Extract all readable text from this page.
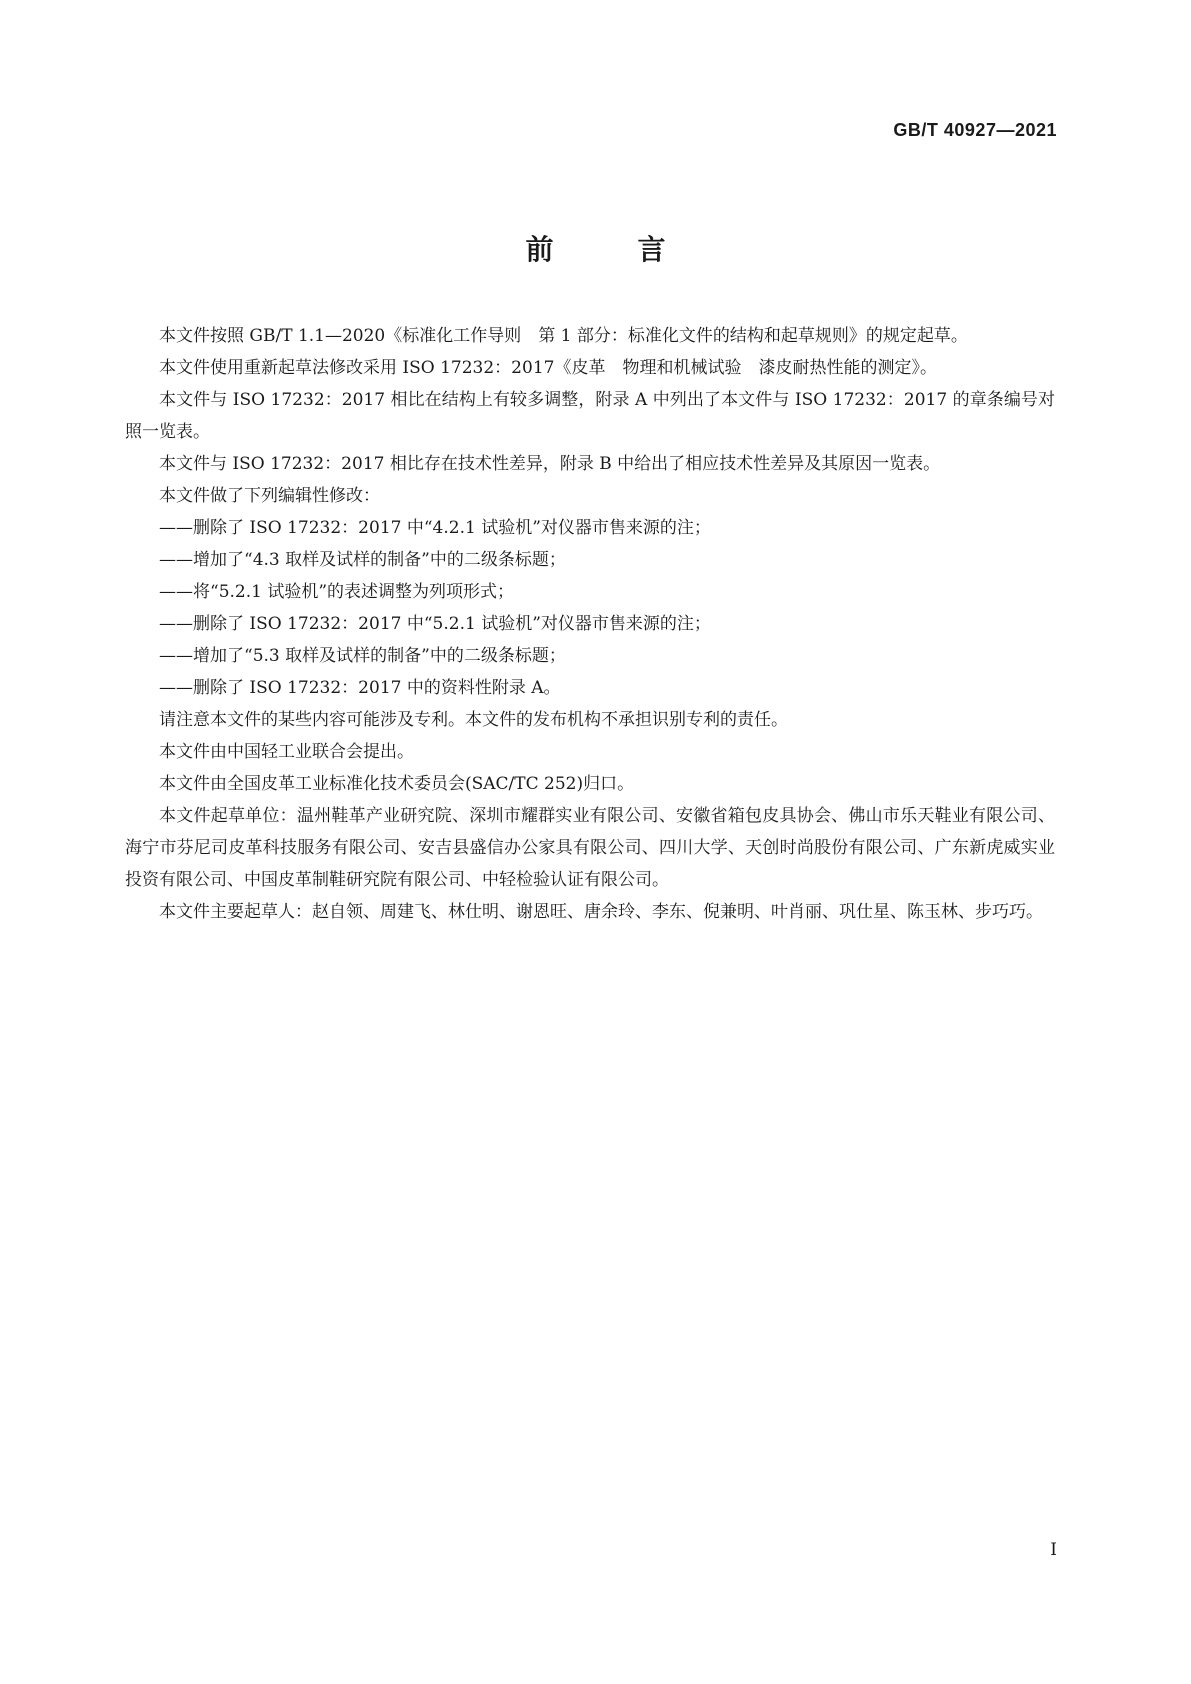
GB/T 40927—2021

前　言

本文件按照 GB/T 1.1—2020《标准化工作导则　第 1 部分：标准化文件的结构和起草规则》的规定起草。

本文件使用重新起草法修改采用 ISO 17232：2017《皮革　物理和机械试验　漆皮耐热性能的测定》。

本文件与 ISO 17232：2017 相比在结构上有较多调整，附录 A 中列出了本文件与 ISO 17232：2017 的章条编号对照一览表。

本文件与 ISO 17232：2017 相比存在技术性差异，附录 B 中给出了相应技术性差异及其原因一览表。

本文件做了下列编辑性修改：

——删除了 ISO 17232：2017 中“4.2.1 试验机”对仪器市售来源的注；

——增加了“4.3 取样及试样的制备”中的二级条标题；

——将“5.2.1 试验机”的表述调整为列项形式；

——删除了 ISO 17232：2017 中“5.2.1 试验机”对仪器市售来源的注；

——增加了“5.3 取样及试样的制备”中的二级条标题；

——删除了 ISO 17232：2017 中的资料性附录 A。

请注意本文件的某些内容可能涉及专利。本文件的发布机构不承担识别专利的责任。

本文件由中国轻工业联合会提出。

本文件由全国皮革工业标准化技术委员会(SAC/TC 252)归口。

本文件起草单位：温州鞋革产业研究院、深圳市耀群实业有限公司、安徽省箱包皮具协会、佛山市乐天鞋业有限公司、海宁市芬尼司皮革科技服务有限公司、安吉县盛信办公家具有限公司、四川大学、天创时尚股份有限公司、广东新虎威实业投资有限公司、中国皮革制鞋研究院有限公司、中轻检验认证有限公司。

本文件主要起草人：赵自领、周建飞、林仕明、谢恩旺、唐余玲、李东、倪兼明、叶肖丽、巩仕星、陈玉林、步巧巧。

I
